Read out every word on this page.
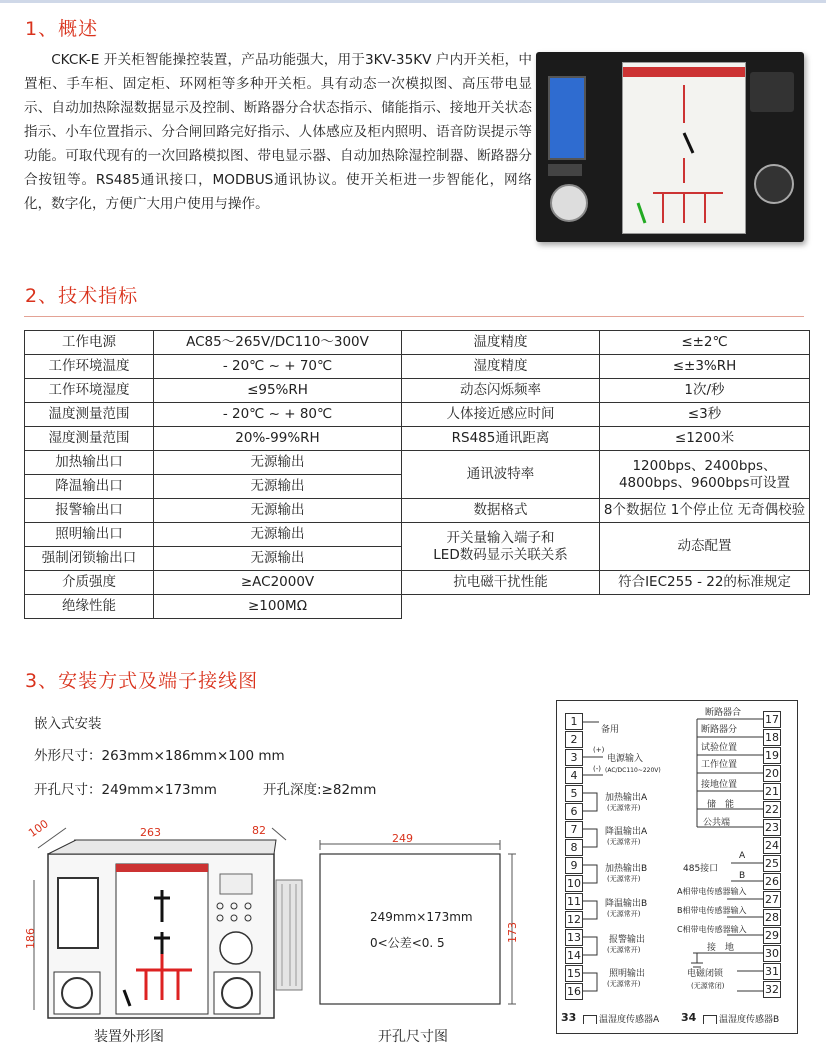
1、概述

CKCK-E 开关柜智能操控装置，产品功能强大，用于3KV-35KV 户内开关柜，中置柜、手车柜、固定柜、环网柜等多种开关柜。具有动态一次模拟图、高压带电显示、自动加热除湿数据显示及控制、断路器分合状态指示、储能指示、接地开关状态指示、小车位置指示、分合闸回路完好指示、人体感应及柜内照明、语音防误提示等功能。可取代现有的一次回路模拟图、带电显示器、自动加热除湿控制器、断路器分合按钮等。RS485通讯接口，MODBUS通讯协议。使开关柜进一步智能化，网络化，数字化，方便广大用户使用与操作。

2、技术指标
工作电源	AC85～265V/DC110～300V	温度精度	≤±2℃
工作环境温度	- 20℃ ~ + 70℃	湿度精度	≤±3%RH
工作环境湿度	≤95%RH	动态闪烁频率	1次/秒
温度测量范围	- 20℃ ~ + 80℃	人体接近感应时间	≤3秒
湿度测量范围	20%-99%RH	RS485通讯距离	≤1200米
加热输出口	无源输出	通讯波特率	1200bps、2400bps、
4800bps、9600bps可设置

降温输出口	无源输出		
报警输出口	无源输出	数据格式	8个数据位 1个停止位 无奇偶校验
照明输出口	无源输出	开关量输入端子和
LED数码显示关联关系	动态配置
强制闭锁输出口	无源输出		
介质强度	≥AC2000V	抗电磁干扰性能	符合IEC255 - 22的标准规定
绝缘性能	≥100MΩ		
3、安装方式及端子接线图
嵌入式安装
外形尺寸：263mm×186mm×100 mm
开孔尺寸：249mm×173mm	开孔深度:≥82mm
100	263	82
186
装置外形图
249
173
249mm×173mm
0<公差<0. 5
开孔尺寸图
1
2
3
4
5
6
7
8
9
10
11
12
13
14
15
16
17
18
19
20
21
22
23
24
25
26
27
28
29
30
31
32
备用
(+)
电源输入
(-) (AC/DC110~220V)
加热输出A
(无源常开)
降温输出A
(无源常开)
加热输出B
(无源常开)
降温输出B
(无源常开)
报警输出
(无源常开)
照明输出
(无源常开)
断路器合
断路器分
试验位置
工作位置
接地位置
储　能
公共端
A
485接口
B
A相带电传感器输入
B相带电传感器输入
C相带电传感器输入
接　地
电磁闭锁
(无源常闭)
33	温湿度传感器A 34	温湿度传感器B
